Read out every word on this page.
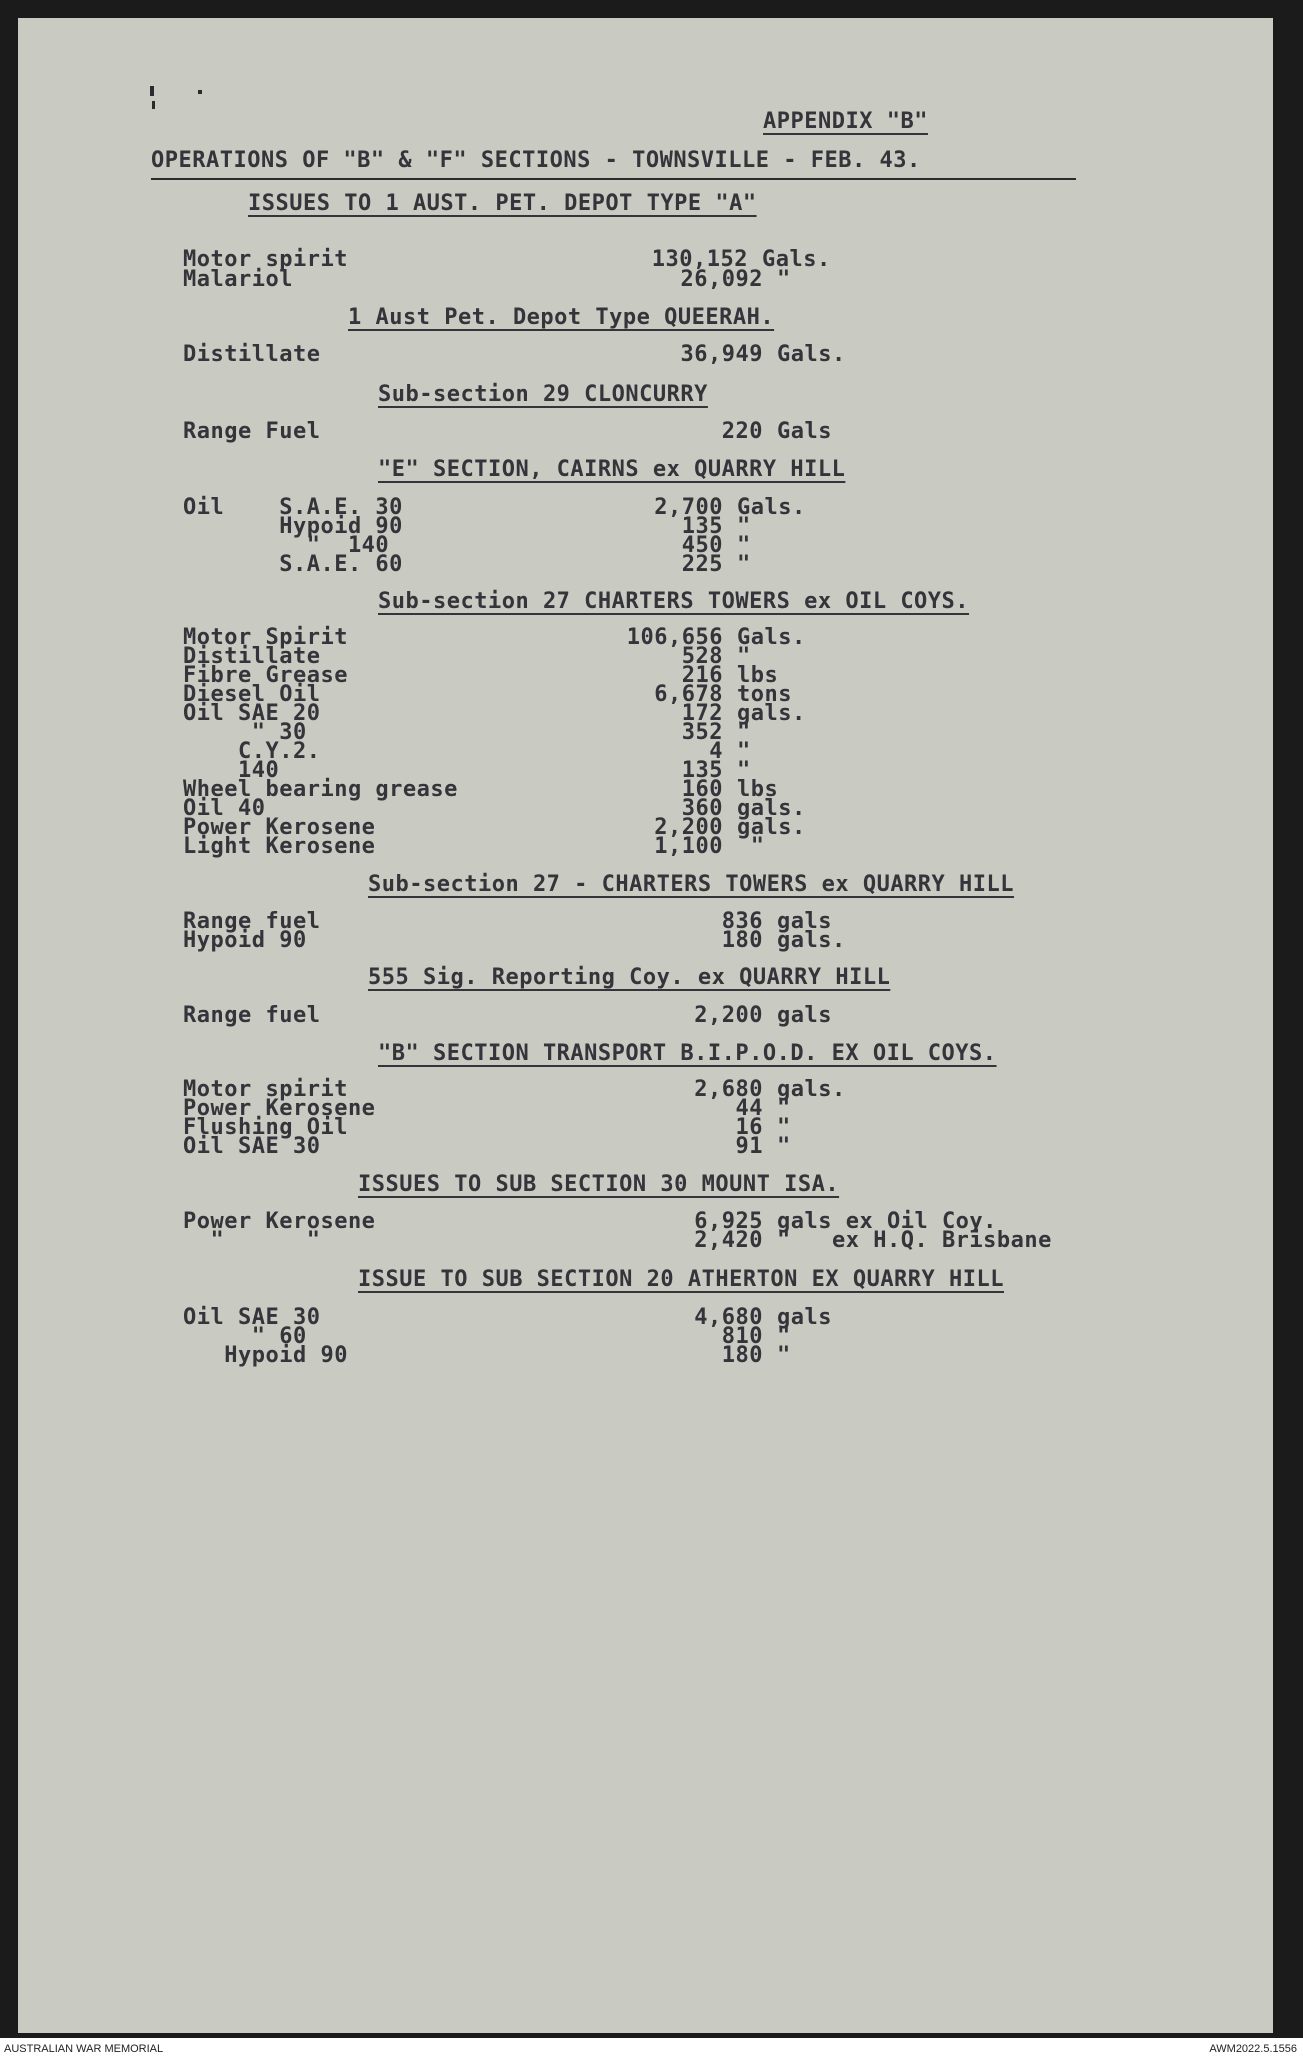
APPENDIX "B"
OPERATIONS OF "B" & "F" SECTIONS - TOWNSVILLE - FEB. 43.
ISSUES TO 1 AUST. PET. DEPOT TYPE "A"
Motor spirit	130,152 Gals.
Malariol	26,092 "
1 Aust Pet. Depot Type QUEERAH.
Distillate	36,949 Gals.
Sub-section 29 CLONCURRY
Range Fuel	220 Gals
"E" SECTION, CAIRNS ex QUARRY HILL
Oil    S.A.E. 30	2,700 Gals.
Hypoid 90	135 "
"  140	450 "
S.A.E. 60	225 "
Sub-section 27 CHARTERS TOWERS ex OIL COYS.
Motor Spirit	106,656 Gals.
Distillate	528 "
Fibre Grease	216 lbs
Diesel Oil	6,678 tons
Oil SAE 20	172 gals.
" 30	352 "
C.Y.2.	4 "
140	135 "
Wheel bearing grease	160 lbs
Oil 40	360 gals.
Power Kerosene	2,200 gals.
Light Kerosene	1,100 "
Sub-section 27 - CHARTERS TOWERS ex QUARRY HILL
Range fuel	836 gals
Hypoid 90	180 gals.
555 Sig. Reporting Coy. ex QUARRY HILL
Range fuel	2,200 gals
"B" SECTION TRANSPORT B.I.P.O.D. EX OIL COYS.
Motor spirit	2,680 gals.
Power Kerosene	44 "
Flushing Oil	16 "
Oil SAE 30	91 "
ISSUES TO SUB SECTION 30 MOUNT ISA.
Power Kerosene	6,925 gals ex Oil Coy.
"      "	2,420 "   ex H.Q. Brisbane
ISSUE TO SUB SECTION 20 ATHERTON EX QUARRY HILL
Oil SAE 30	4,680 gals
" 60	810 "
Hypoid 90	180 "
AUSTRALIAN WAR MEMORIAL	AWM2022.5.1556
